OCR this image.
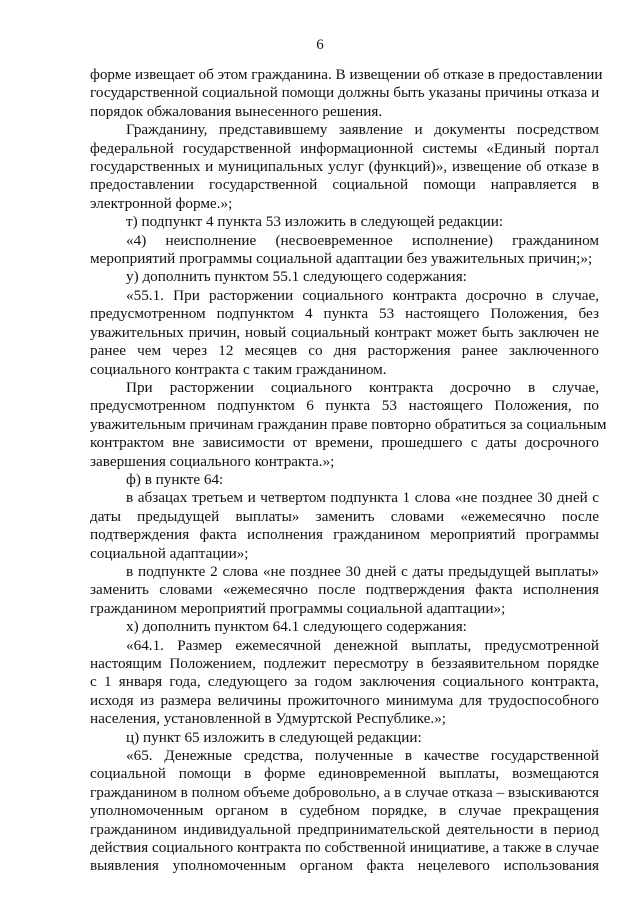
6
форме извещает об этом гражданина. В извещении об отказе в предоставлении
государственной социальной помощи должны быть указаны причины отказа и
порядок обжалования вынесенного решения.
Гражданину, представившему заявление и документы посредством
федеральной государственной информационной системы «Единый портал
государственных и муниципальных услуг (функций)», извещение об отказе в
предоставлении государственной социальной помощи направляется в
электронной форме.»;
т) подпункт 4 пункта 53 изложить в следующей редакции:
«4) неисполнение (несвоевременное исполнение) гражданином
мероприятий программы социальной адаптации без уважительных причин;»;
у) дополнить пунктом 55.1 следующего содержания:
«55.1. При расторжении социального контракта досрочно в случае,
предусмотренном подпунктом 4 пункта 53 настоящего Положения, без
уважительных причин, новый социальный контракт может быть заключен не
ранее чем через 12 месяцев со дня расторжения ранее заключенного
социального контракта с таким гражданином.
При расторжении социального контракта досрочно в случае,
предусмотренном подпунктом 6 пункта 53 настоящего Положения, по
уважительным причинам гражданин праве повторно обратиться за социальным
контрактом вне зависимости от времени, прошедшего с даты досрочного
завершения социального контракта.»;
ф) в пункте 64:
в абзацах третьем и четвертом подпункта 1 слова «не позднее 30 дней с
даты предыдущей выплаты» заменить словами «ежемесячно после
подтверждения факта исполнения гражданином мероприятий программы
социальной адаптации»;
в подпункте 2 слова «не позднее 30 дней с даты предыдущей выплаты»
заменить словами «ежемесячно после подтверждения факта исполнения
гражданином мероприятий программы социальной адаптации»;
х) дополнить пунктом 64.1 следующего содержания:
«64.1. Размер ежемесячной денежной выплаты, предусмотренной
настоящим Положением, подлежит пересмотру в беззаявительном порядке
с 1 января года, следующего за годом заключения социального контракта,
исходя из размера величины прожиточного минимума для трудоспособного
населения, установленной в Удмуртской Республике.»;
ц) пункт 65 изложить в следующей редакции:
«65. Денежные средства, полученные в качестве государственной
социальной помощи в форме единовременной выплаты, возмещаются
гражданином в полном объеме добровольно, а в случае отказа – взыскиваются
уполномоченным органом в судебном порядке, в случае прекращения
гражданином индивидуальной предпринимательской деятельности в период
действия социального контракта по собственной инициативе, а также в случае
выявления уполномоченным органом факта нецелевого использования
